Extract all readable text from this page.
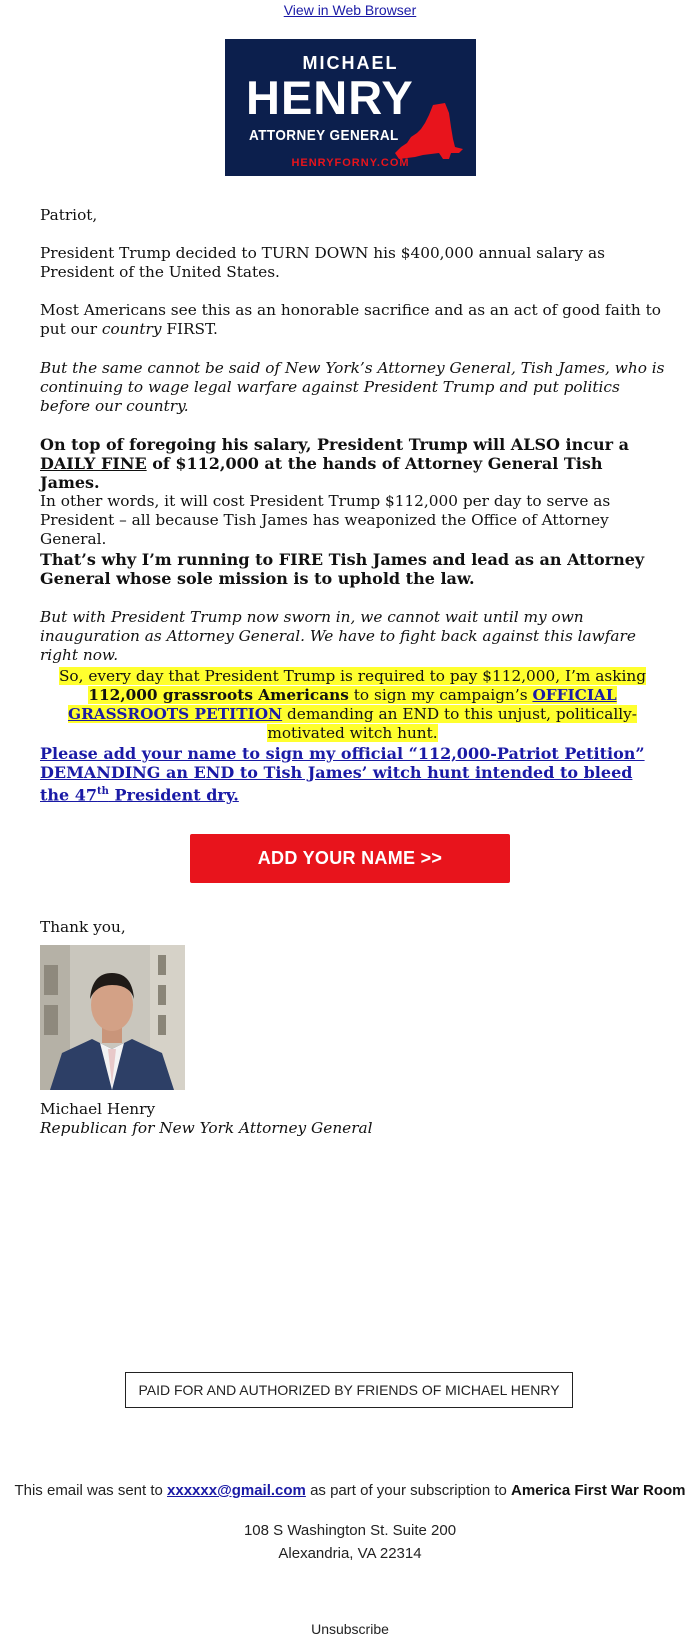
View in Web Browser
MICHAEL
HENRY
ATTORNEY GENERAL
HENRYFORNY.COM

Patriot,

President Trump decided to TURN DOWN his $400,000 annual salary as President of the United States.

Most Americans see this as an honorable sacrifice and as an act of good faith to put our country FIRST.

But the same cannot be said of New York’s Attorney General, Tish James, who is continuing to wage legal warfare against President Trump and put politics before our country.

On top of foregoing his salary, President Trump will ALSO incur a DAILY FINE of $112,000 at the hands of Attorney General Tish James.

In other words, it will cost President Trump $112,000 per day to serve as President – all because Tish James has weaponized the Office of Attorney General.

That’s why I’m running to FIRE Tish James and lead as an Attorney General whose sole mission is to uphold the law.

But with President Trump now sworn in, we cannot wait until my own inauguration as Attorney General. We have to fight back against this lawfare right now.

So, every day that President Trump is required to pay $112,000, I’m asking 112,000 grassroots Americans to sign my campaign’s OFFICIAL GRASSROOTS PETITION demanding an END to this unjust, politically-motivated witch hunt.
Please add your name to sign my official “112,000-Patriot Petition” DEMANDING an END to Tish James’ witch hunt intended to bleed the 47th President dry.
ADD YOUR NAME >>

Thank you,

Michael Henry

Republican for New York Attorney General

PAID FOR AND AUTHORIZED BY FRIENDS OF MICHAEL HENRY
This email was sent to xxxxxx@gmail.com as part of your subscription to America First War Room
108 S Washington St. Suite 200
Alexandria, VA 22314
Unsubscribe
